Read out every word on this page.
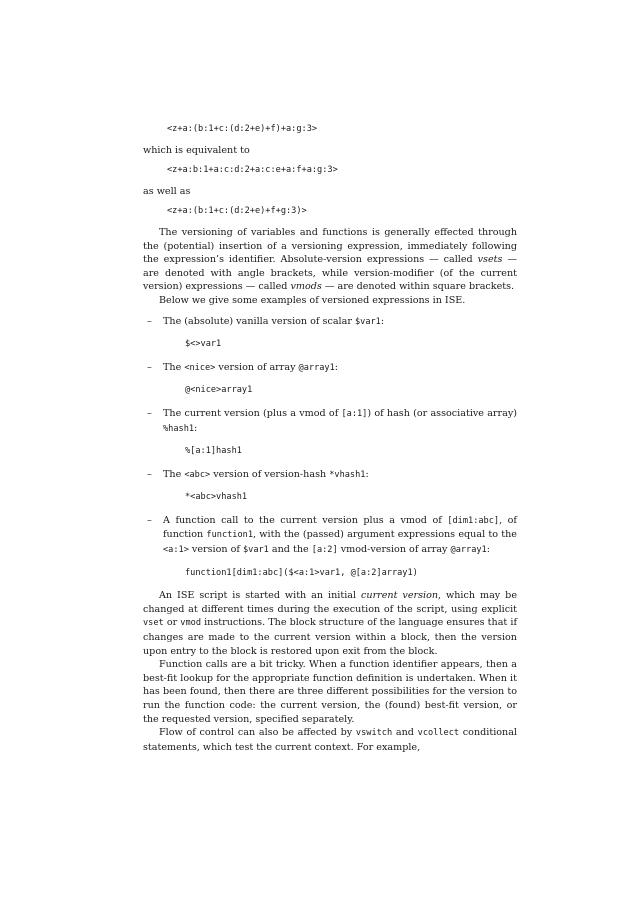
<z+a:(b:1+c:(d:2+e)+f)+a:g:3>

which is equivalent to

<z+a:b:1+a:c:d:2+a:c:e+a:f+a:g:3>

as well as

<z+a:(b:1+c:(d:2+e)+f+g:3)>

The versioning of variables and functions is generally effected through the (potential) insertion of a versioning expression, immediately following the expression’s identifier. Absolute-version expressions — called vsets — are denoted with angle brackets, while version-modifier (of the current version) expressions — called vmods — are denoted within square brackets.

Below we give some examples of versioned expressions in ISE.

– The (absolute) vanilla version of scalar $var1:

$<>var1

– The <nice> version of array @array1:

@<nice>array1

– The current version (plus a vmod of [a:1]) of hash (or associative array) %hash1:

%[a:1]hash1

– The <abc> version of version-hash *vhash1:

*<abc>vhash1

– A function call to the current version plus a vmod of [dim1:abc], of function function1, with the (passed) argument expressions equal to the <a:1> version of $var1 and the [a:2] vmod-version of array @array1:

function1[dim1:abc]($<a:1>var1, @[a:2]array1)

An ISE script is started with an initial current version, which may be changed at different times during the execution of the script, using explicit vset or vmod instructions. The block structure of the language ensures that if changes are made to the current version within a block, then the version upon entry to the block is restored upon exit from the block.

Function calls are a bit tricky. When a function identifier appears, then a best-fit lookup for the appropriate function definition is undertaken. When it has been found, then there are three different possibilities for the version to run the function code: the current version, the (found) best-fit version, or the requested version, specified separately.

Flow of control can also be affected by vswitch and vcollect conditional statements, which test the current context. For example,
